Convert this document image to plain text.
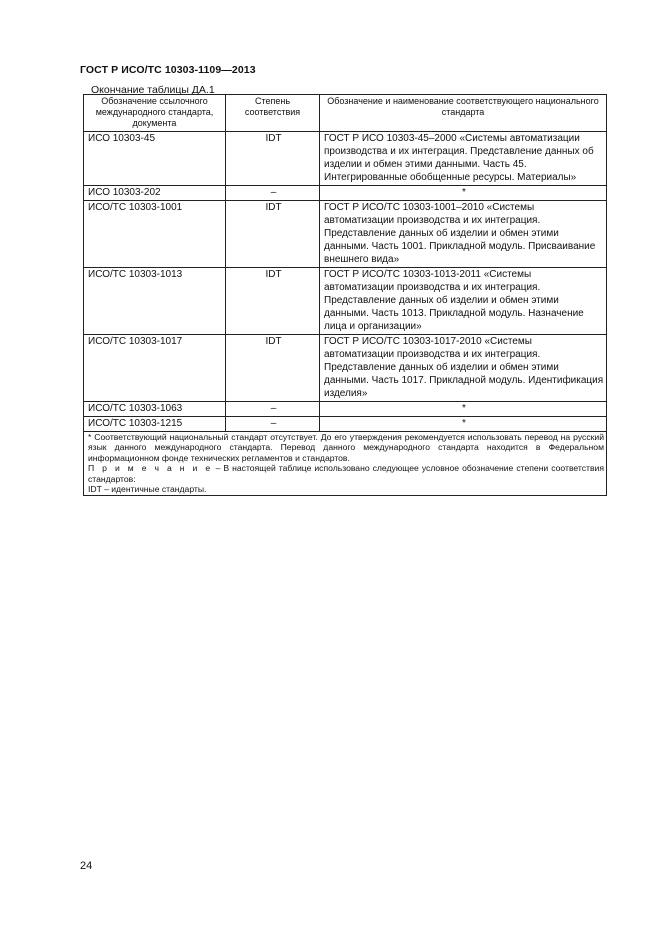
ГОСТ Р ИСО/ТС 10303-1109—2013
Окончание таблицы ДА.1
Обозначение ссылочного международного стандарта, документа	Степень соответствия	Обозначение и наименование соответствующего национального стандарта
ИСО 10303-45	IDT	ГОСТ Р ИСО 10303-45–2000 «Системы автоматизации производства и их интеграция. Представление данных об изделии и обмен этими данными. Часть 45. Интегрированные обобщенные ресурсы. Материалы»
ИСО 10303-202	–	*
ИСО/ТС 10303-1001	IDT	ГОСТ Р ИСО/ТС 10303-1001–2010 «Системы автоматизации производства и их интеграция. Представление данных об изделии и обмен этими данными. Часть 1001. Прикладной модуль. Присваивание внешнего вида»
ИСО/ТС 10303-1013	IDT	ГОСТ Р ИСО/ТС 10303-1013-2011 «Системы автоматизации производства и их интеграция. Представление данных об изделии и обмен этими данными. Часть 1013. Прикладной модуль. Назначение лица и организации»
ИСО/ТС 10303-1017	IDT	ГОСТ Р ИСО/ТС 10303-1017-2010 «Системы автоматизации производства и их интеграция. Представление данных об изделии и обмен этими данными. Часть 1017. Прикладной модуль. Идентификация изделия»
ИСО/ТС 10303-1063	–	*
ИСО/ТС 10303-1215	–	*

* Соответствующий национальный стандарт отсутствует. До его утверждения рекомендуется использовать перевод на русский язык данного международного стандарта. Перевод данного международного стандарта находится в Федеральном информационном фонде технических регламентов и стандартов.
П р и м е ч а н и е – В настоящей таблице использовано следующее условное обозначение степени соответствия стандартов:
IDT – идентичные стандарты.		
24
